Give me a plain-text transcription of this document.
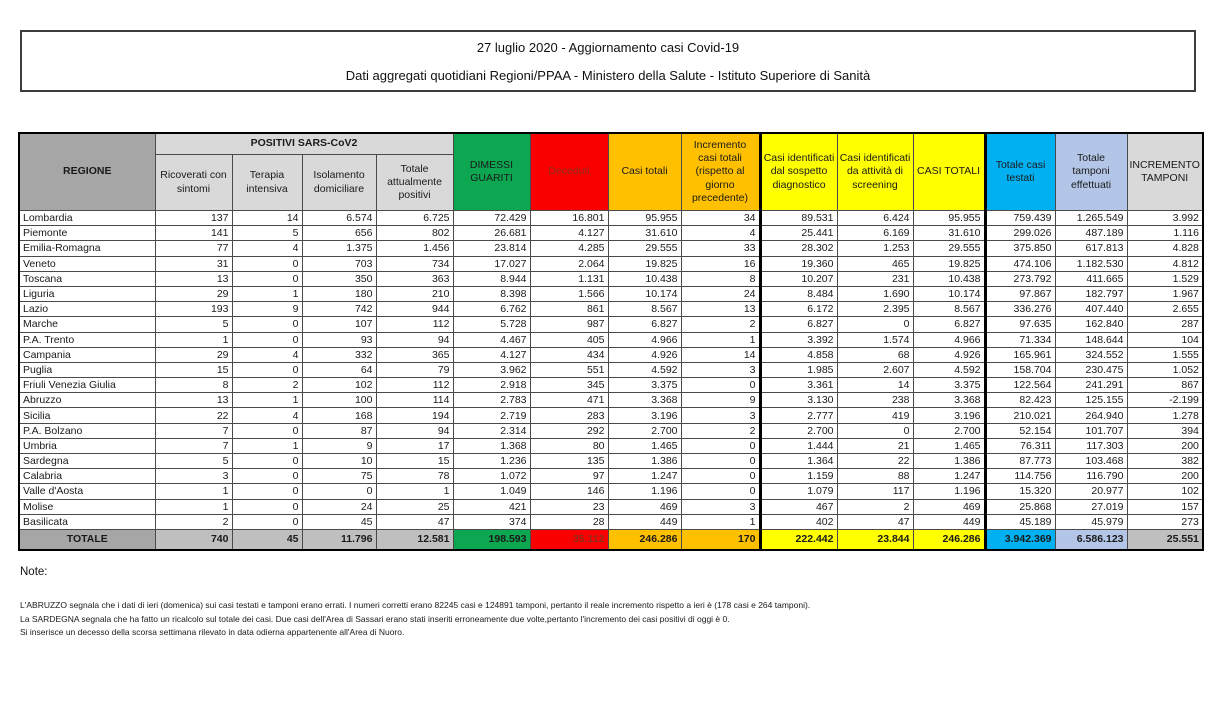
27 luglio 2020 - Aggiornamento casi Covid-19
Dati aggregati quotidiani Regioni/PPAA - Ministero della Salute - Istituto Superiore di Sanità
REGIONE	POSITIVI SARS-CoV2				DIMESSI GUARITI	Deceduti	Casi totali	Incremento casi totali (rispetto al giorno precedente)	Casi identificati dal sospetto diagnostico	Casi identificati da attività di screening	CASI TOTALI	Totale casi testati	Totale tamponi effettuati	INCREMENTO TAMPONI
	Ricoverati con sintomi	Terapia intensiva	Isolamento domiciliare	Totale attualmente positivi										
Lombardia	137	14	6.574	6.725	72.429	16.801	95.955	34	89.531	6.424	95.955	759.439	1.265.549	3.992
Piemonte	141	5	656	802	26.681	4.127	31.610	4	25.441	6.169	31.610	299.026	487.189	1.116
Emilia-Romagna	77	4	1.375	1.456	23.814	4.285	29.555	33	28.302	1.253	29.555	375.850	617.813	4.828
Veneto	31	0	703	734	17.027	2.064	19.825	16	19.360	465	19.825	474.106	1.182.530	4.812
Toscana	13	0	350	363	8.944	1.131	10.438	8	10.207	231	10.438	273.792	411.665	1.529
Liguria	29	1	180	210	8.398	1.566	10.174	24	8.484	1.690	10.174	97.867	182.797	1.967
Lazio	193	9	742	944	6.762	861	8.567	13	6.172	2.395	8.567	336.276	407.440	2.655
Marche	5	0	107	112	5.728	987	6.827	2	6.827	0	6.827	97.635	162.840	287
P.A. Trento	1	0	93	94	4.467	405	4.966	1	3.392	1.574	4.966	71.334	148.644	104
Campania	29	4	332	365	4.127	434	4.926	14	4.858	68	4.926	165.961	324.552	1.555
Puglia	15	0	64	79	3.962	551	4.592	3	1.985	2.607	4.592	158.704	230.475	1.052
Friuli Venezia Giulia	8	2	102	112	2.918	345	3.375	0	3.361	14	3.375	122.564	241.291	867
Abruzzo	13	1	100	114	2.783	471	3.368	9	3.130	238	3.368	82.423	125.155	-2.199
Sicilia	22	4	168	194	2.719	283	3.196	3	2.777	419	3.196	210.021	264.940	1.278
P.A. Bolzano	7	0	87	94	2.314	292	2.700	2	2.700	0	2.700	52.154	101.707	394
Umbria	7	1	9	17	1.368	80	1.465	0	1.444	21	1.465	76.311	117.303	200
Sardegna	5	0	10	15	1.236	135	1.386	0	1.364	22	1.386	87.773	103.468	382
Calabria	3	0	75	78	1.072	97	1.247	0	1.159	88	1.247	114.756	116.790	200
Valle d'Aosta	1	0	0	1	1.049	146	1.196	0	1.079	117	1.196	15.320	20.977	102
Molise	1	0	24	25	421	23	469	3	467	2	469	25.868	27.019	157
Basilicata	2	0	45	47	374	28	449	1	402	47	449	45.189	45.979	273
TOTALE	740	45	11.796	12.581	198.593	35.112	246.286	170	222.442	23.844	246.286	3.942.369	6.586.123	25.551
Note:
L'ABRUZZO segnala che i dati di ieri (domenica) sui casi testati e tamponi erano errati. I numeri corretti erano 82245 casi e 124891 tamponi, pertanto il reale incremento rispetto a ieri è (178 casi e 264 tamponi).
La SARDEGNA segnala che ha fatto un ricalcolo sul totale dei casi. Due casi dell'Area di Sassari erano stati inseriti erroneamente due volte,pertanto l'incremento dei casi positivi di oggi è 0.
Si inserisce un decesso della scorsa settimana rilevato in data odierna appartenente all'Area di Nuoro.
